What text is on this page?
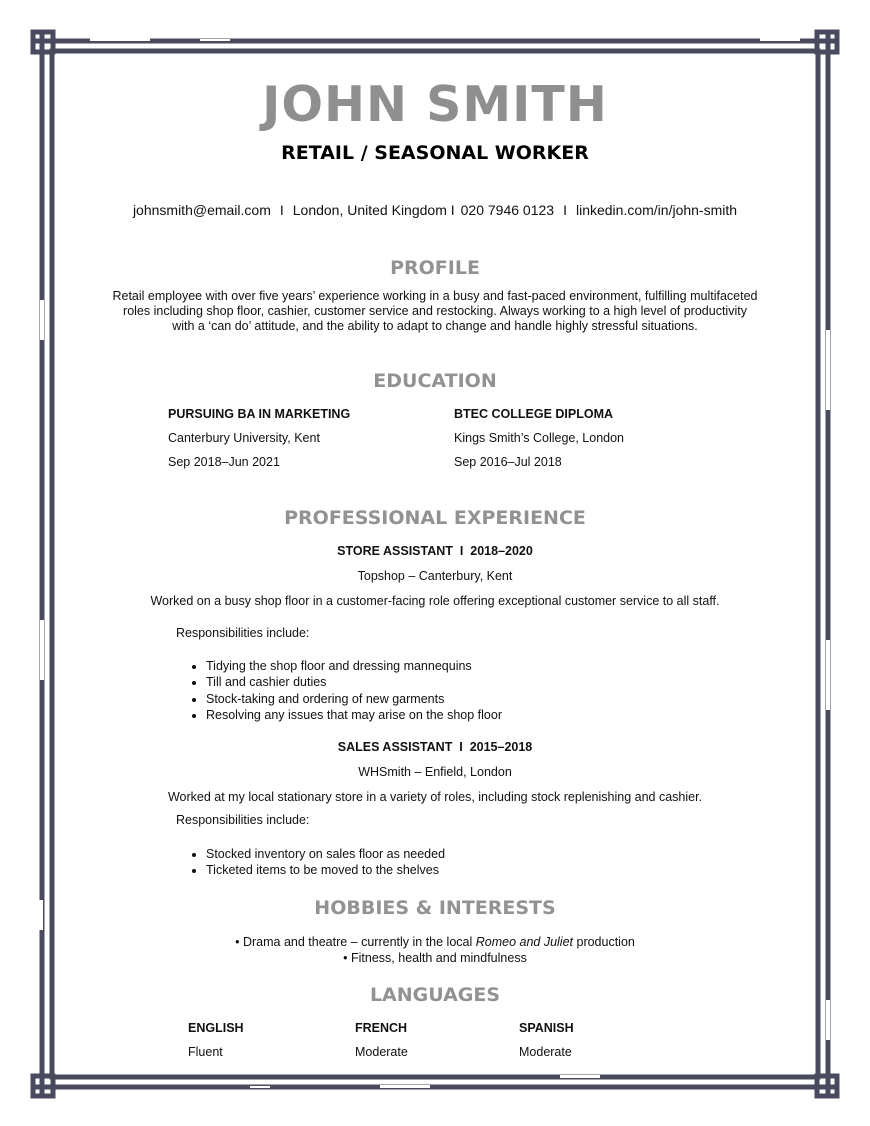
JOHN SMITH
RETAIL / SEASONAL WORKER
johnsmith@email.com I London, United Kingdom I 020 7946 0123 I linkedin.com/in/john-smith
PROFILE
Retail employee with over five years’ experience working in a busy and fast-paced environment, fulfilling multifaceted
roles including shop floor, cashier, customer service and restocking. Always working to a high level of productivity
with a ‘can do’ attitude, and the ability to adapt to change and handle highly stressful situations.
EDUCATION
PURSUING BA IN MARKETING
Canterbury University, Kent
Sep 2018–Jun 2021
BTEC COLLEGE DIPLOMA
Kings Smith’s College, London
Sep 2016–Jul 2018
PROFESSIONAL EXPERIENCE
STORE ASSISTANT  I  2018–2020
Topshop – Canterbury, Kent
Worked on a busy shop floor in a customer-facing role offering exceptional customer service to all staff.
Responsibilities include:
• Tidying the shop floor and dressing mannequins
• Till and cashier duties
• Stock-taking and ordering of new garments
• Resolving any issues that may arise on the shop floor
SALES ASSISTANT  I  2015–2018
WHSmith – Enfield, London
Worked at my local stationary store in a variety of roles, including stock replenishing and cashier.
Responsibilities include:
• Stocked inventory on sales floor as needed
• Ticketed items to be moved to the shelves
HOBBIES & INTERESTS
• Drama and theatre – currently in the local Romeo and Juliet production
• Fitness, health and mindfulness
LANGUAGES
ENGLISH
Fluent
FRENCH
Moderate
SPANISH
Moderate
